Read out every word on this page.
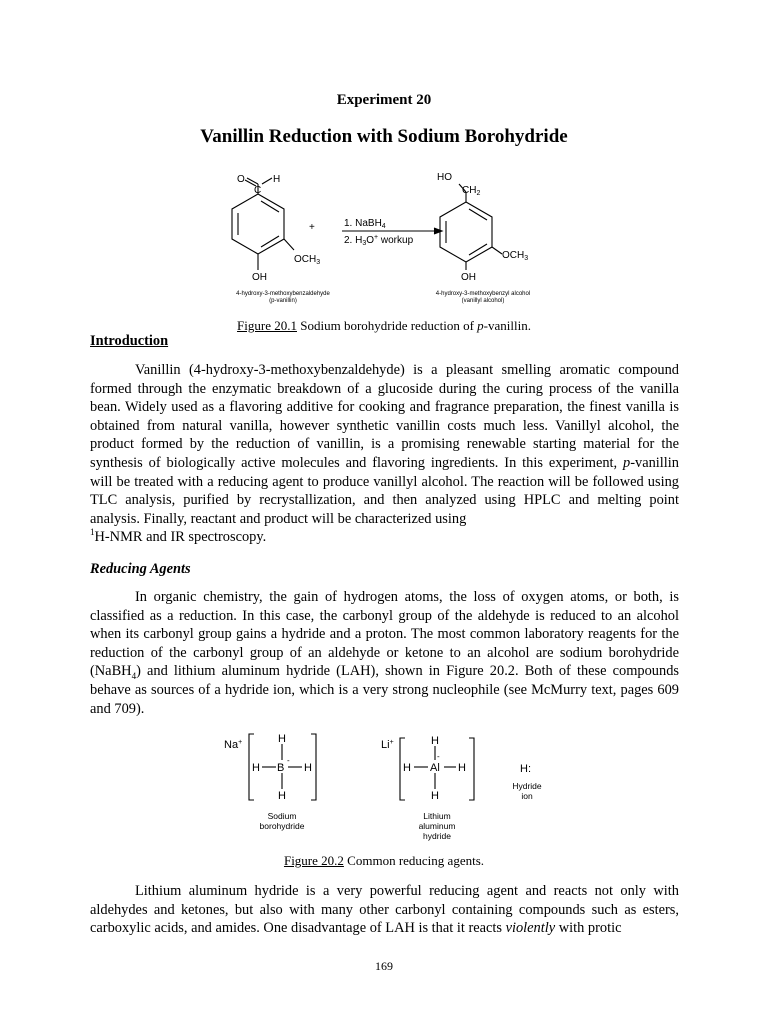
Experiment 20
Vanillin Reduction with Sodium Borohydride
O	H
C
$OCH_3$
OH
+	1. NaBH$_4$
2. $H_3O^+$ workup
HO
$CH_2$
$OCH_3$
OH
4-hydroxy-3-methoxybenzaldehyde
(p-vanillin)
4-hydroxy-3-methoxybenzyl alcohol
(vanillyl alcohol)
Figure 20.1 Sodium borohydride reduction of p-vanillin.
Introduction

Vanillin (4-hydroxy-3-methoxybenzaldehyde) is a pleasant smelling aromatic compound formed through the enzymatic breakdown of a glucoside during the curing process of the vanilla bean. Widely used as a flavoring additive for cooking and fragrance preparation, the finest vanilla is obtained from natural vanilla, however synthetic vanillin costs much less. Vanillyl alcohol, the product formed by the reduction of vanillin, is a promising renewable starting material for the synthesis of biologically active molecules and flavoring ingredients. In this experiment, p-vanillin will be treated with a reducing agent to produce vanillyl alcohol. The reaction will be followed using TLC analysis, purified by recrystallization, and then analyzed using HPLC and melting point analysis. Finally, reactant and product will be characterized using
$^1$H-NMR and IR spectroscopy.

Reducing Agents

In organic chemistry, the gain of hydrogen atoms, the loss of oxygen atoms, or both, is classified as a reduction. In this case, the carbonyl group of the aldehyde is reduced to an alcohol when its carbonyl group gains a hydride and a proton. The most common laboratory reagents for the reduction of the carbonyl group of an aldehyde or ketone to an alcohol are sodium borohydride (NaBH$_4$) and lithium aluminum hydride (LAH), shown in Figure 20.2. Both of these compounds behave as sources of a hydride ion, which is a very strong nucleophile (see McMurry text, pages 609 and 709).

Na+	H
H B
-
H
H
Li+	H
H Al
-
H
H
H:
Sodium
borohydride
Lithium
aluminum
hydride
Hydride
ion
Figure 20.2 Common reducing agents.

Lithium aluminum hydride is a very powerful reducing agent and reacts not only with aldehydes and ketones, but also with many other carbonyl containing compounds such as esters, carboxylic acids, and amides. One disadvantage of LAH is that it reacts violently with protic

169
